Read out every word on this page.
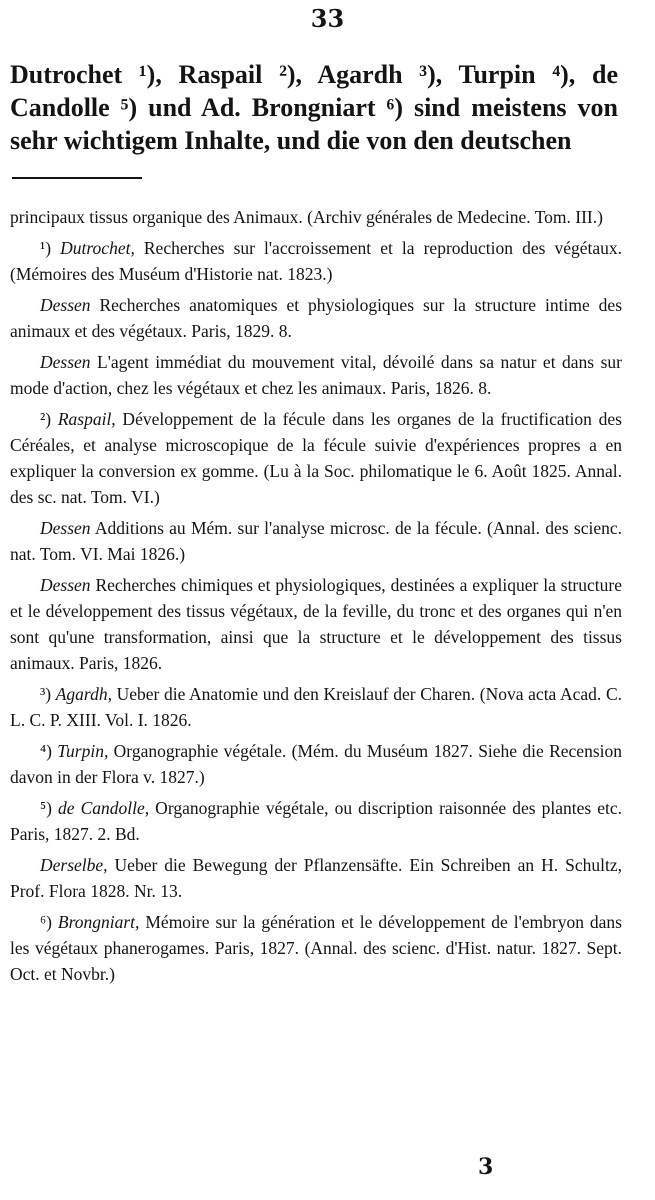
33
Dutrochet ¹), Raspail ²), Agardh ³), Turpin ⁴), de Candolle ⁵) und Ad. Brongniart ⁶) sind meistens von sehr wichtigem Inhalte, und die von den deutschen

principaux tissus organique des Animaux. (Archiv générales de Medecine. Tom. III.)

¹) Dutrochet, Recherches sur l'accroissement et la reproduction des végétaux. (Mémoires des Muséum d'Historie nat. 1823.)

Dessen Recherches anatomiques et physiologiques sur la structure intime des animaux et des végétaux. Paris, 1829. 8.

Dessen L'agent immédiat du mouvement vital, dévoilé dans sa natur et dans sur mode d'action, chez les végétaux et chez les animaux. Paris, 1826. 8.

²) Raspail, Développement de la fécule dans les organes de la fructification des Céréales, et analyse microscopique de la fécule suivie d'expériences propres a en expliquer la conversion ex gomme. (Lu à la Soc. philomatique le 6. Août 1825. Annal. des sc. nat. Tom. VI.)

Dessen Additions au Mém. sur l'analyse microsc. de la fécule. (Annal. des scienc. nat. Tom. VI. Mai 1826.)

Dessen Recherches chimiques et physiologiques, destinées a expliquer la structure et le développement des tissus végétaux, de la feville, du tronc et des organes qui n'en sont qu'une transformation, ainsi que la structure et le développement des tissus animaux. Paris, 1826.

³) Agardh, Ueber die Anatomie und den Kreislauf der Charen. (Nova acta Acad. C. L. C. P. XIII. Vol. I. 1826.

⁴) Turpin, Organographie végétale. (Mém. du Muséum 1827. Siehe die Recension davon in der Flora v. 1827.)

⁵) de Candolle, Organographie végétale, ou discription raisonnée des plantes etc. Paris, 1827. 2. Bd.

Derselbe, Ueber die Bewegung der Pflanzensäfte. Ein Schreiben an H. Schultz, Prof. Flora 1828. Nr. 13.

⁶) Brongniart, Mémoire sur la génération et le développement de l'embryon dans les végétaux phanerogames. Paris, 1827. (Annal. des scienc. d'Hist. natur. 1827. Sept. Oct. et Novbr.)

3
